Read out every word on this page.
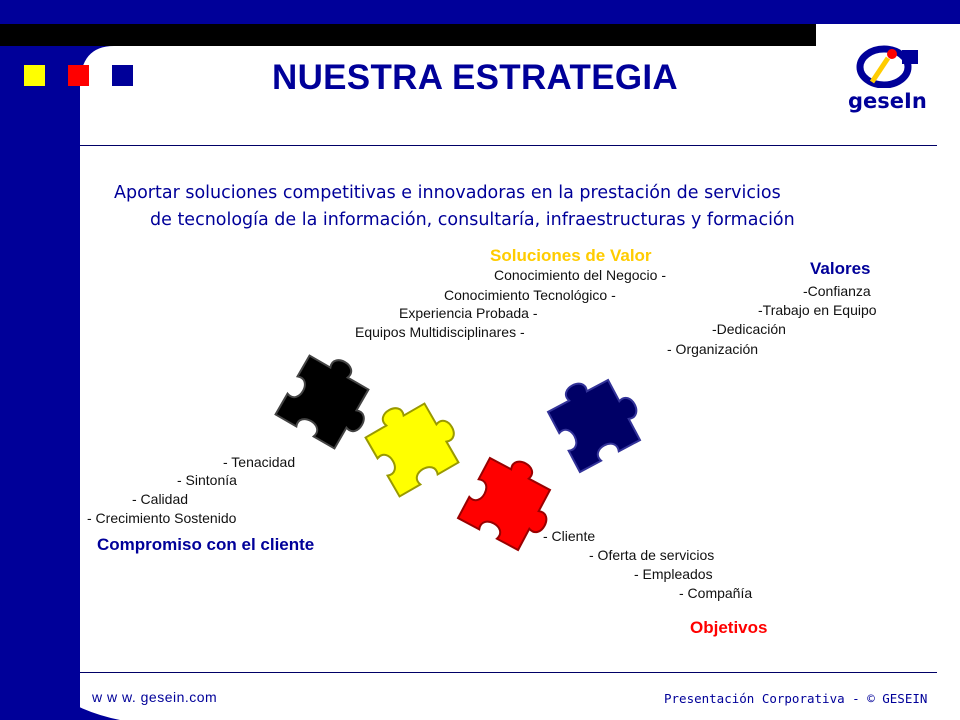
NUESTRA ESTRATEGIA
geseIn
Aportar soluciones competitivas e innovadoras en la prestación de servicios
de tecnología de la información, consultaría, infraestructuras y formación
Soluciones de Valor
Conocimiento del Negocio -
Conocimiento Tecnológico -
Experiencia Probada -
Equipos Multidisciplinares -
Valores
-Confianza
-Trabajo en Equipo
-Dedicación
- Organización
- Tenacidad
- Sintonía
- Calidad
- Crecimiento Sostenido
Compromiso con el cliente	- Cliente
- Oferta de servicios
- Empleados
- Compañía
Objetivos
w w w. gesein.com	Presentación Corporativa - © GESEIN
